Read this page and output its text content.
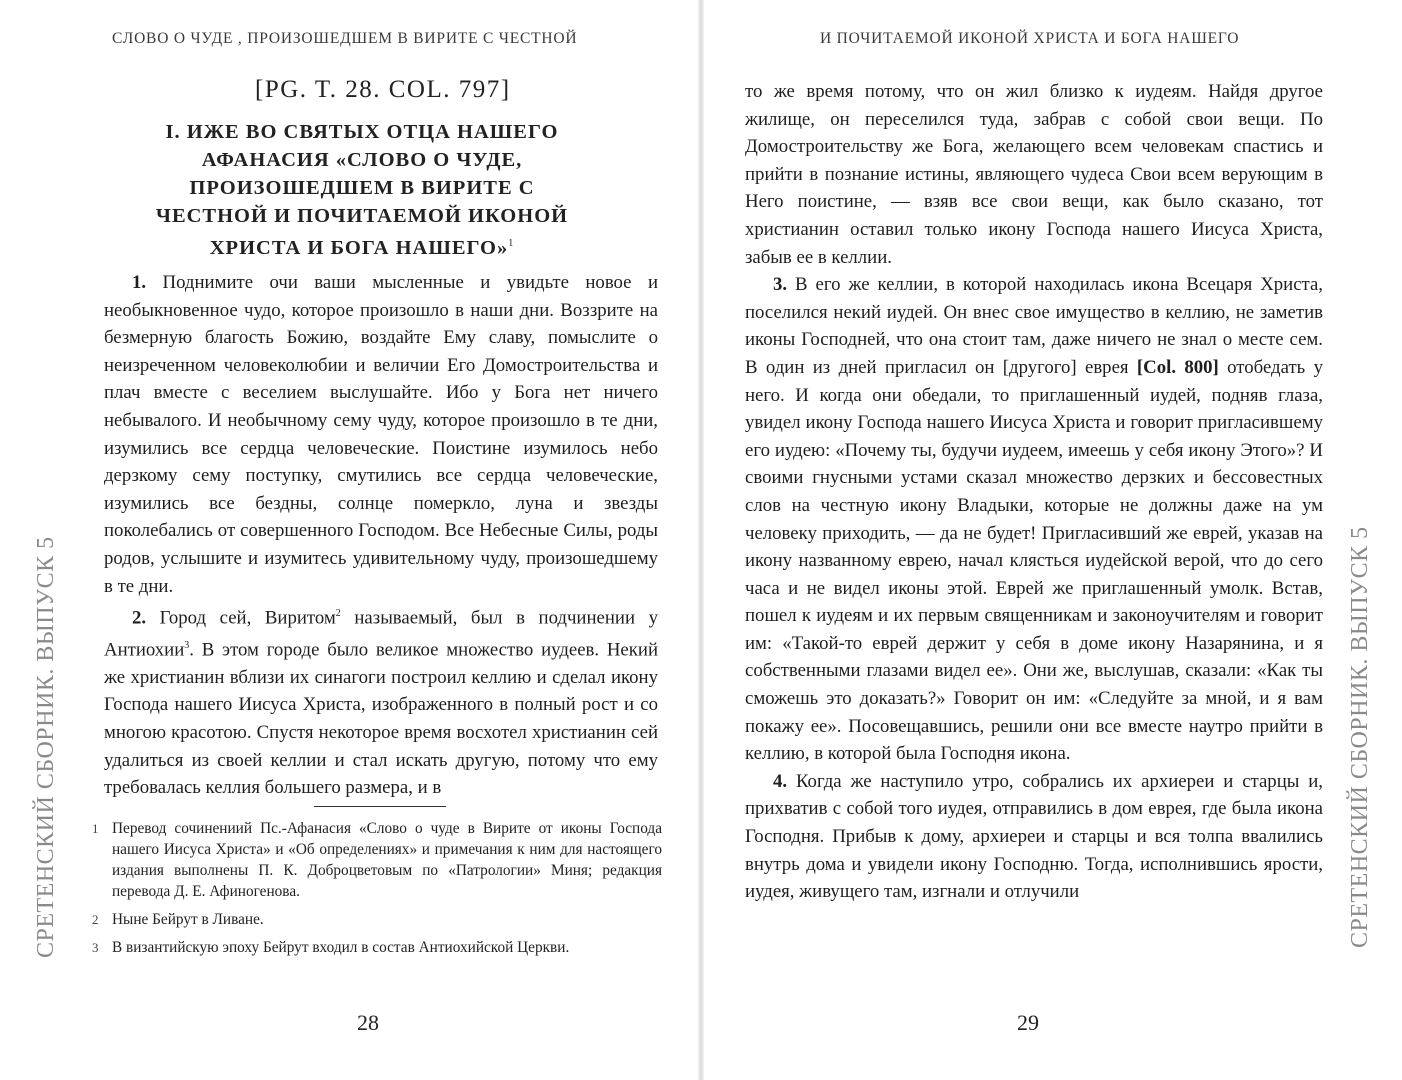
СЛОВО О ЧУДЕ , ПРОИЗОШЕДШЕМ В ВИРИТЕ С ЧЕСТНОЙ
СРЕТЕНСКИЙ СБОРНИК. ВЫПУСК 5
[PG. T. 28. COL. 797]
I. ИЖЕ ВО СВЯТЫХ ОТЦА НАШЕГО АФАНАСИЯ «СЛОВО О ЧУДЕ, ПРОИЗОШЕДШЕМ В ВИРИТЕ С ЧЕСТНОЙ И ПОЧИТАЕМОЙ ИКОНОЙ ХРИСТА И БОГА НАШЕГО»$^1$

1. Поднимите очи ваши мысленные и увидьте новое и необыкновенное чудо, которое произошло в наши дни. Воззрите на безмерную благость Божию, воздайте Ему славу, помыслите о неизреченном человеколюбии и величии Его Домостроительства и плач вместе с веселием выслушайте. Ибо у Бога нет ничего небывалого. И необычному сему чуду, которое произошло в те дни, изумились все сердца человеческие. Поистине изумилось небо дерзкому сему поступку, смутились все сердца человеческие, изумились все бездны, солнце померкло, луна и звезды поколебались от совершенного Господом. Все Небесные Силы, роды родов, услышите и изумитесь удивительному чуду, произошедшему в те дни.

2. Город сей, Виритом$^2$ называемый, был в подчинении у Антиохии$^3$. В этом городе было великое множество иудеев. Некий же христианин вблизи их синагоги построил келлию и сделал икону Господа нашего Иисуса Христа, изображенного в полный рост и со многою красотою. Спустя некоторое время восхотел христианин сей удалиться из своей келлии и стал искать другую, потому что ему требовалась келлия большего размера, и в

1 Перевод сочинениий Пс.-Афанасия «Слово о чуде в Вирите от иконы Господа нашего Иисуса Христа» и «Об определениях» и примечания к ним для настоящего издания выполнены П. К. Доброцветовым по «Патрологии» Миня; редакция перевода Д. Е. Афиногенова.
2 Ныне Бейрут в Ливане.
3 В византийскую эпоху Бейрут входил в состав Антиохийской Церкви.
28
И ПОЧИТАЕМОЙ ИКОНОЙ ХРИСТА И БОГА НАШЕГО

то же время потому, что он жил близко к иудеям. Найдя другое жилище, он переселился туда, забрав с собой свои вещи. По Домостроительству же Бога, желающего всем человекам спастись и прийти в познание истины, являющего чудеса Свои всем верующим в Него поистине, — взяв все свои вещи, как было сказано, тот христианин оставил только икону Господа нашего Иисуса Христа, забыв ее в келлии.

3. В его же келлии, в которой находилась икона Всецаря Христа, поселился некий иудей. Он внес свое имущество в келлию, не заметив иконы Господней, что она стоит там, даже ничего не знал о месте сем. В один из дней пригласил он [другого] еврея [Col. 800] отобедать у него. И когда они обедали, то приглашенный иудей, подняв глаза, увидел икону Господа нашего Иисуса Христа и говорит пригласившему его иудею: «Почему ты, будучи иудеем, имеешь у себя икону Этого»? И своими гнусными устами сказал множество дерзких и бессовестных слов на честную икону Владыки, которые не должны даже на ум человеку приходить, — да не будет! Пригласивший же еврей, указав на икону названному еврею, начал клясться иудейской верой, что до сего часа и не видел иконы этой. Еврей же приглашенный умолк. Встав, пошел к иудеям и их первым священникам и законоучителям и говорит им: «Такой-то еврей держит у себя в доме икону Назарянина, и я собственными глазами видел ее». Они же, выслушав, сказали: «Как ты сможешь это доказать?» Говорит он им: «Следуйте за мной, и я вам покажу ее». Посовещавшись, решили они все вместе наутро прийти в келлию, в которой была Господня икона.

4. Когда же наступило утро, собрались их архиереи и старцы и, прихватив с собой того иудея, отправились в дом еврея, где была икона Господня. Прибыв к дому, архиереи и старцы и вся толпа ввалились внутрь дома и увидели икону Господню. Тогда, исполнившись ярости, иудея, живущего там, изгнали и отлучили

29
СРЕТЕНСКИЙ СБОРНИК. ВЫПУСК 5
